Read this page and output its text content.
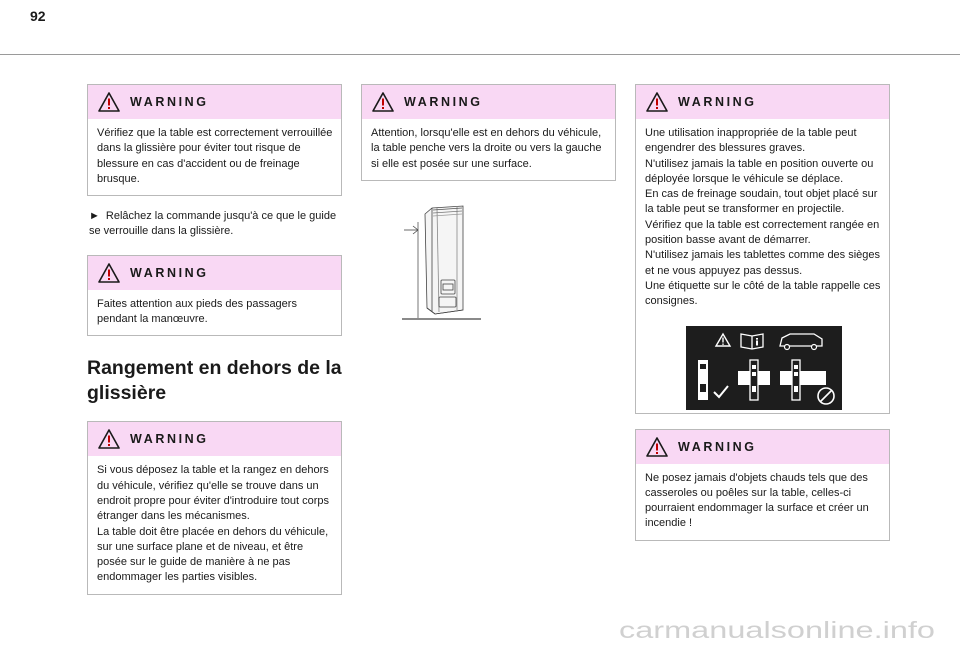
92
WARNING

Vérifiez que la table est correctement verrouillée dans la glissière pour éviter tout risque de blessure en cas d'accident ou de freinage brusque.

► Relâchez la commande jusqu'à ce que le guide se verrouille dans la glissière.
WARNING

Faites attention aux pieds des passagers pendant la manœuvre.

Rangement en dehors de la glissière
WARNING

Si vous déposez la table et la rangez en dehors du véhicule, vérifiez qu'elle se trouve dans un endroit propre pour éviter d'introduire tout corps étranger dans les mécanismes.

La table doit être placée en dehors du véhicule, sur une surface plane et de niveau, et être posée sur le guide de manière à ne pas endommager les parties visibles.

WARNING

Attention, lorsqu'elle est en dehors du véhicule, la table penche vers la droite ou vers la gauche si elle est posée sur une surface.

WARNING

Une utilisation inappropriée de la table peut engendrer des blessures graves.

N'utilisez jamais la table en position ouverte ou déployée lorsque le véhicule se déplace.

En cas de freinage soudain, tout objet placé sur la table peut se transformer en projectile.

Vérifiez que la table est correctement rangée en position basse avant de démarrer.

N'utilisez jamais les tablettes comme des sièges et ne vous appuyez pas dessus.

Une étiquette sur le côté de la table rappelle ces consignes.

WARNING

Ne posez jamais d'objets chauds tels que des casseroles ou poêles sur la table, celles-ci pourraient endommager la surface et créer un incendie !

carmanualsonline.info
